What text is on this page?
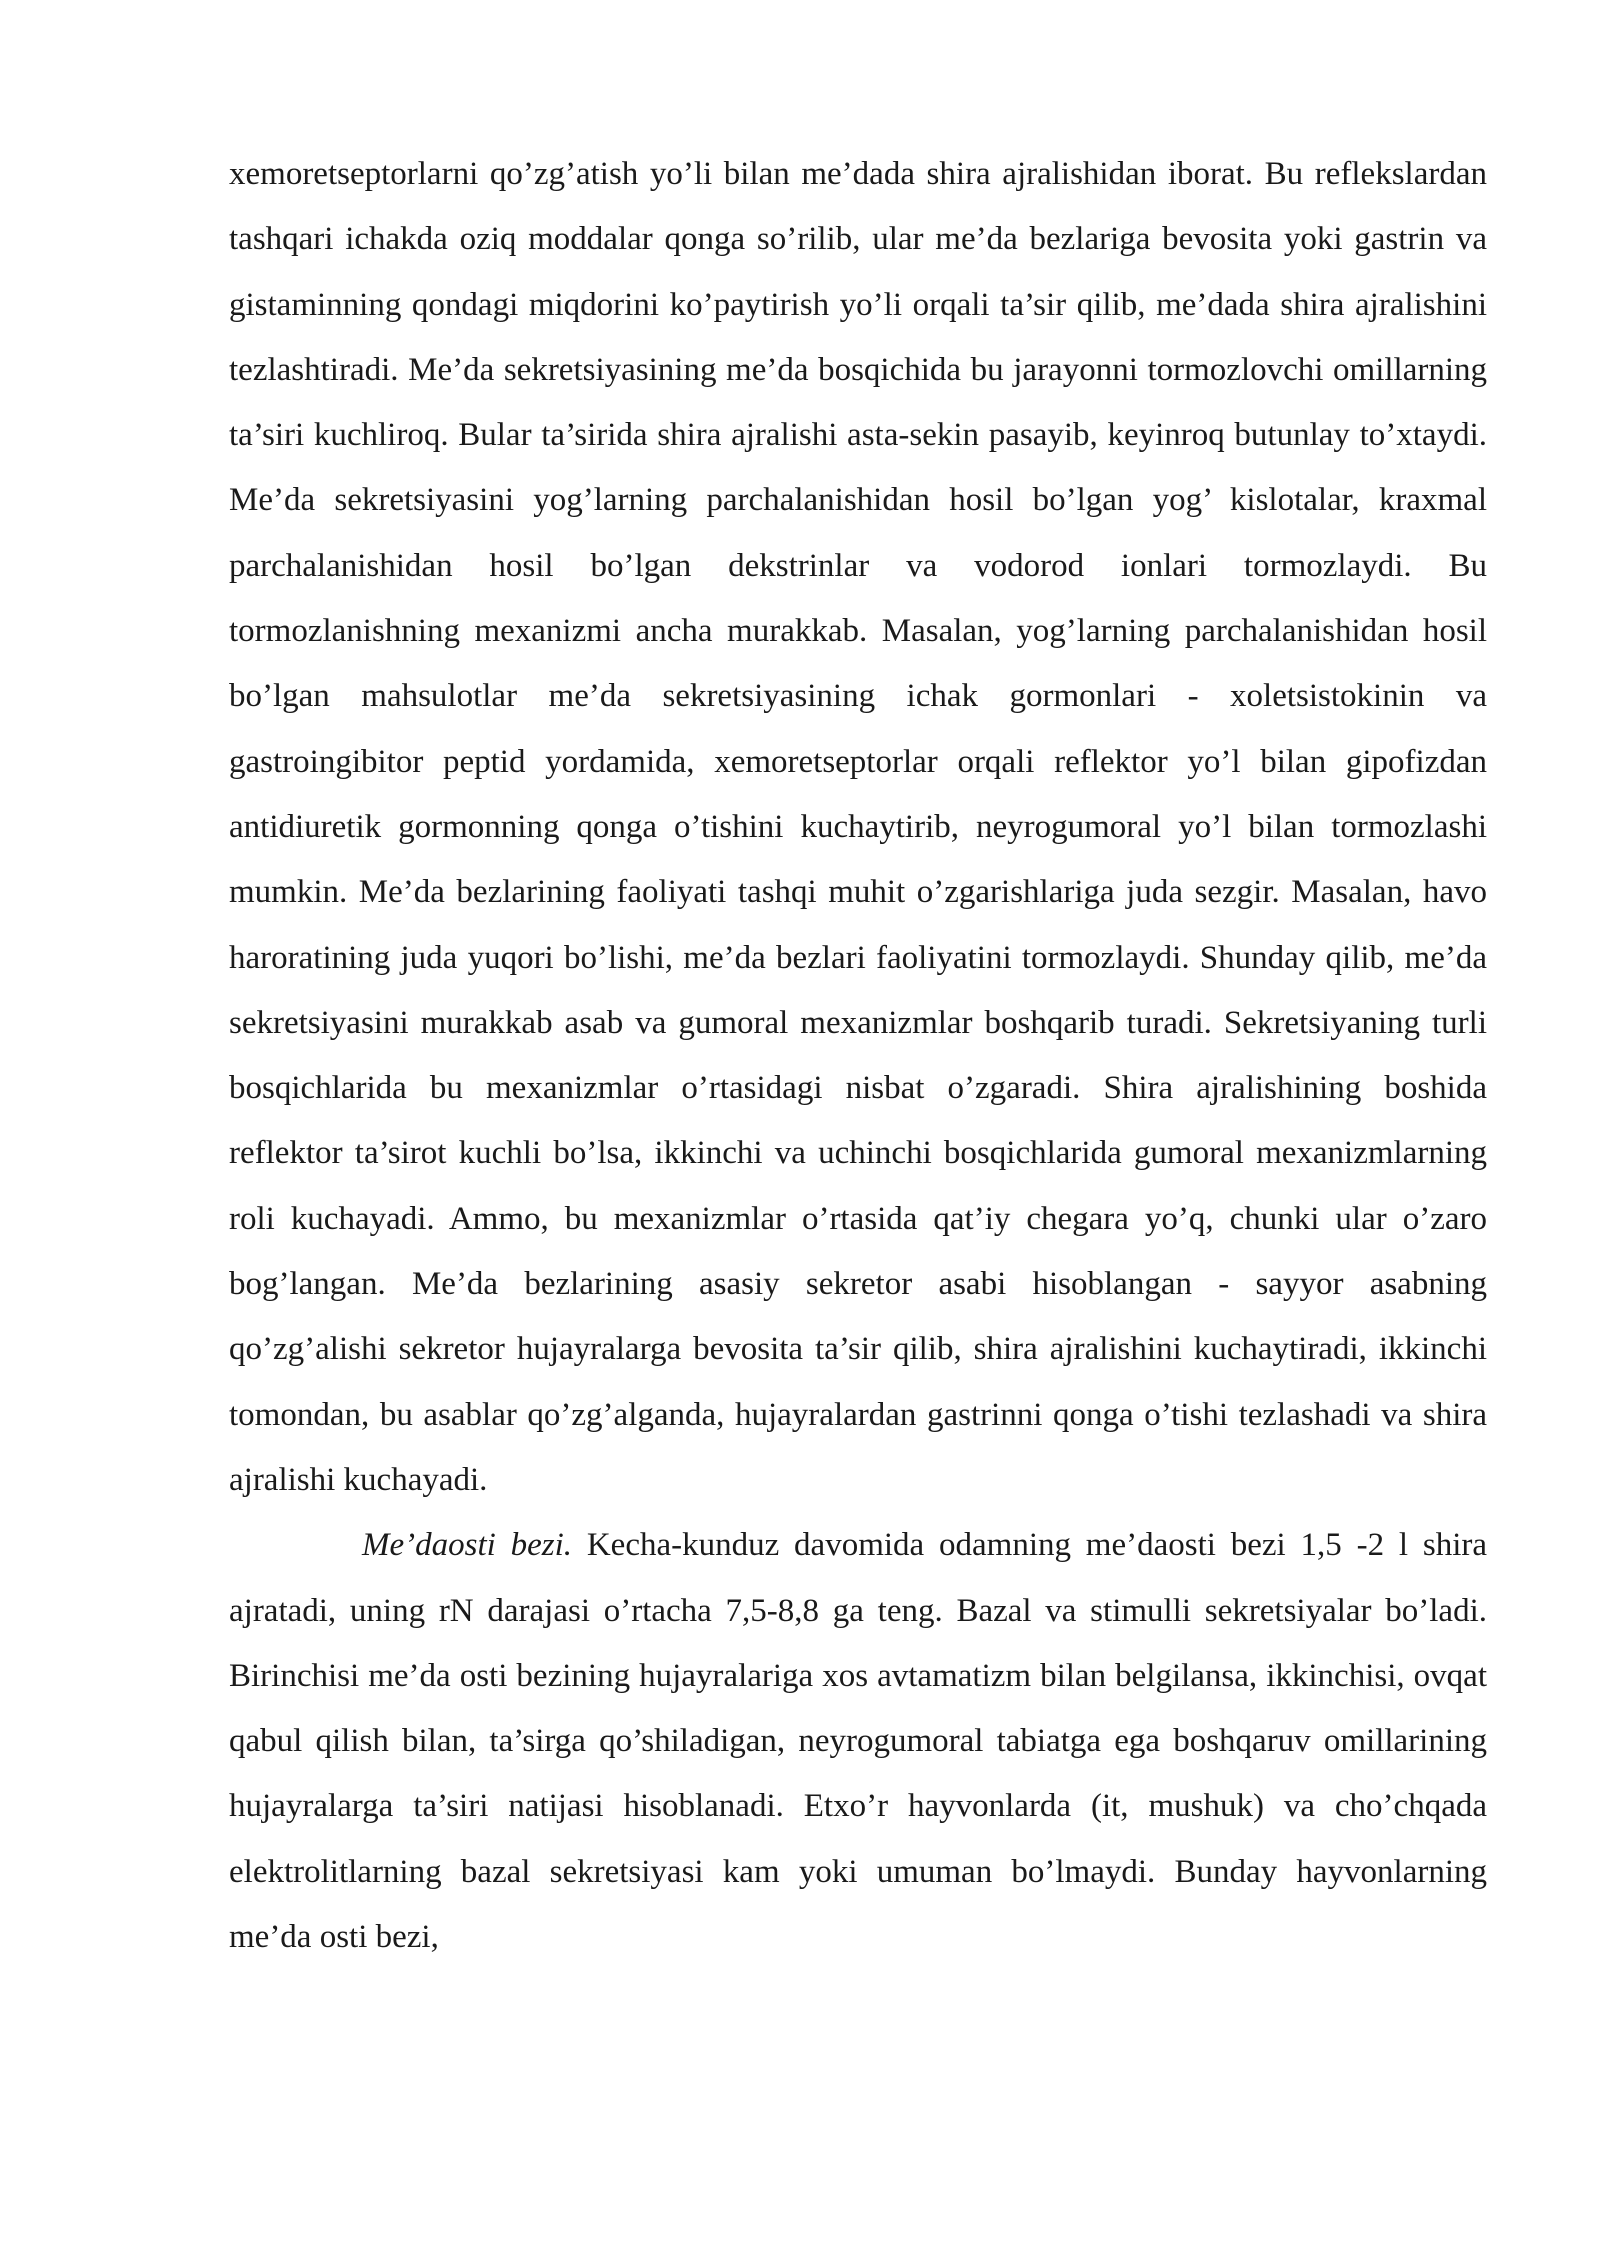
xemoretseptorlarni qo’zg’atish yo’li bilan me’dada shira ajralishidan iborat. Bu reflekslardan tashqari ichakda oziq moddalar qonga so’rilib, ular me’da bezlariga bevosita yoki gastrin va gistaminning qondagi miqdorini ko’paytirish yo’li orqali ta’sir qilib, me’dada shira ajralishini tezlashtiradi. Me’da sekretsiyasining me’da bosqichida bu jarayonni tormozlovchi omillarning ta’siri kuchliroq. Bular ta’sirida shira ajralishi asta-sekin pasayib, keyinroq butunlay to’xtaydi. Me’da sekretsiyasini yog’larning parchalanishidan hosil bo’lgan yog’ kislotalar, kraxmal parchalanishidan hosil bo’lgan dekstrinlar va vodorod ionlari tormozlaydi. Bu tormozlanishning mexanizmi ancha murakkab. Masalan, yog’larning parchalanishidan hosil bo’lgan mahsulotlar me’da sekretsiyasining ichak gormonlari - xoletsistokinin va gastroingibitor peptid yordamida, xemoretseptorlar orqali reflektor yo’l bilan gipofizdan antidiuretik gormonning qonga o’tishini kuchaytirib, neyrogumoral yo’l bilan tormozlashi mumkin. Me’da bezlarining faoliyati tashqi muhit o’zgarishlariga juda sezgir. Masalan, havo haroratining juda yuqori bo’lishi, me’da bezlari faoliyatini tormozlaydi. Shunday qilib, me’da sekretsiyasini murakkab asab va gumoral mexanizmlar boshqarib turadi. Sekretsiyaning turli bosqichlarida bu mexanizmlar o’rtasidagi nisbat o’zgaradi. Shira ajralishining boshida reflektor ta’sirot kuchli bo’lsa, ikkinchi va uchinchi bosqichlarida gumoral mexanizmlarning roli kuchayadi. Ammo, bu mexanizmlar o’rtasida qat’iy chegara yo’q, chunki ular o’zaro bog’langan. Me’da bezlarining asasiy sekretor asabi hisoblangan - sayyor asabning qo’zg’alishi sekretor hujayralarga bevosita ta’sir qilib, shira ajralishini kuchaytiradi, ikkinchi tomondan, bu asablar qo’zg’alganda, hujayralardan gastrinni qonga o’tishi tezlashadi va shira ajralishi kuchayadi.

Me’daosti bezi. Kecha-kunduz davomida odamning me’daosti bezi 1,5 -2 l shira ajratadi, uning rN darajasi o’rtacha 7,5-8,8 ga teng. Bazal va stimulli sekretsiyalar bo’ladi. Birinchisi me’da osti bezining hujayralariga xos avtamatizm bilan belgilansa, ikkinchisi, ovqat qabul qilish bilan, ta’sirga qo’shiladigan, neyrogumoral tabiatga ega boshqaruv omillarining hujayralarga ta’siri natijasi hisoblanadi. Etxo’r hayvonlarda (it, mushuk) va cho’chqada elektrolitlarning bazal sekretsiyasi kam yoki umuman bo’lmaydi. Bunday hayvonlarning me’da osti bezi,
